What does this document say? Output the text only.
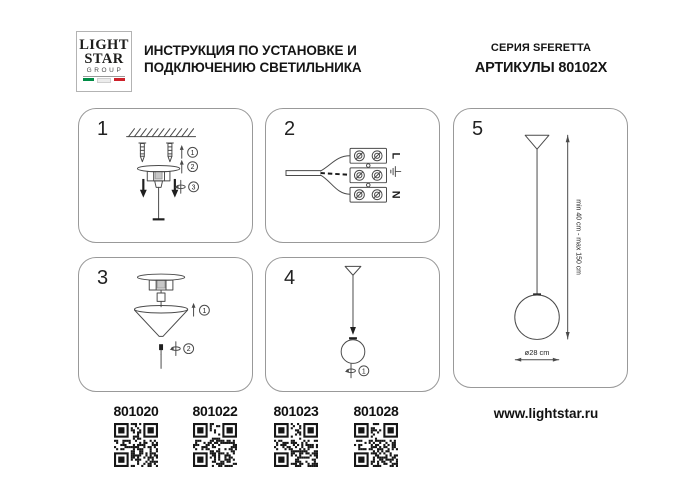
LIGHT
STAR
GROUP
ИНСТРУКЦИЯ ПО УСТАНОВКЕ И
ПОДКЛЮЧЕНИЮ СВЕТИЛЬНИКА
СЕРИЯ SFERETTA
АРТИКУЛЫ 80102X
1
1
2
3
2
L
N
3
1
2
4
1
5
min 40 cm - max 150 cm
ø28 cm
801020	801022	801023	801028	www.lightstar.ru
